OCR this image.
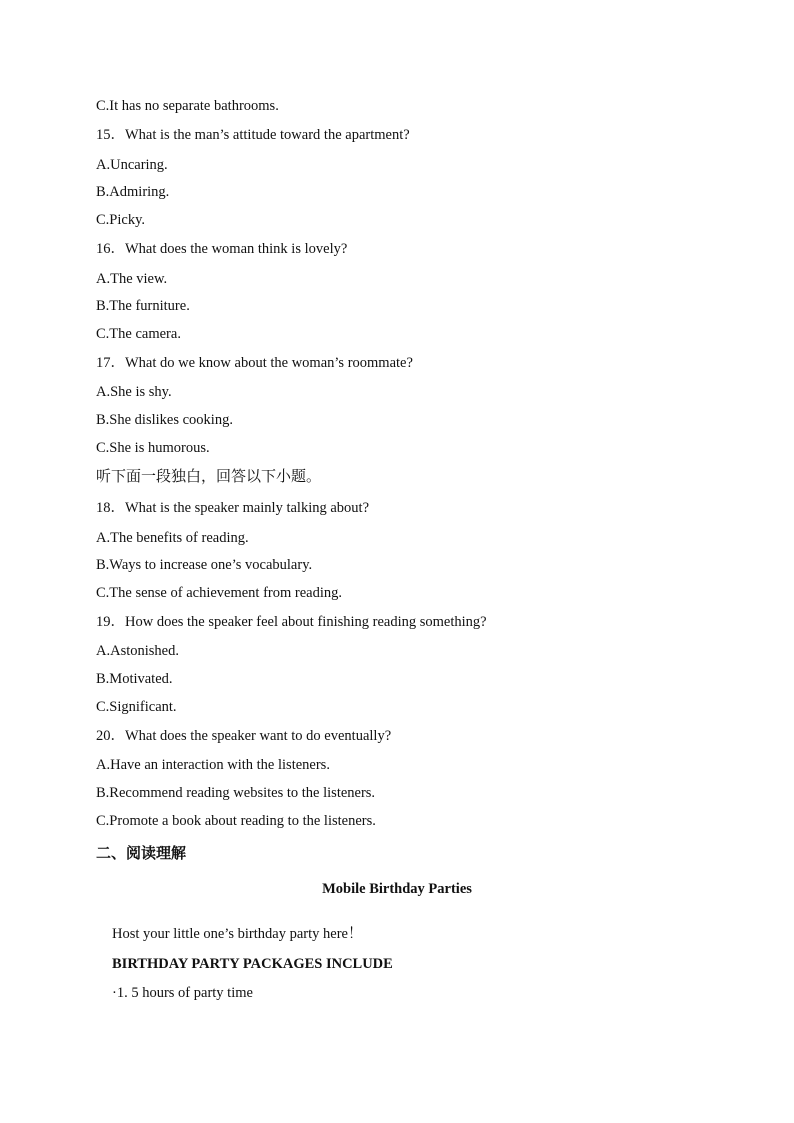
C.It has no separate bathrooms.
15．What is the man’s attitude toward the apartment?
A.Uncaring.
B.Admiring.
C.Picky.
16．What does the woman think is lovely?
A.The view.
B.The furniture.
C.The camera.
17．What do we know about the woman’s roommate?
A.She is shy.
B.She dislikes cooking.
C.She is humorous.
听下面一段独白，回答以下小题。
18．What is the speaker mainly talking about?
A.The benefits of reading.
B.Ways to increase one’s vocabulary.
C.The sense of achievement from reading.
19．How does the speaker feel about finishing reading something?
A.Astonished.
B.Motivated.
C.Significant.
20．What does the speaker want to do eventually?
A.Have an interaction with the listeners.
B.Recommend reading websites to the listeners.
C.Promote a book about reading to the listeners.
二、阅读理解
Mobile Birthday Parties
Host your little one’s birthday party here！
BIRTHDAY PARTY PACKAGES INCLUDE
·1. 5 hours of party time
